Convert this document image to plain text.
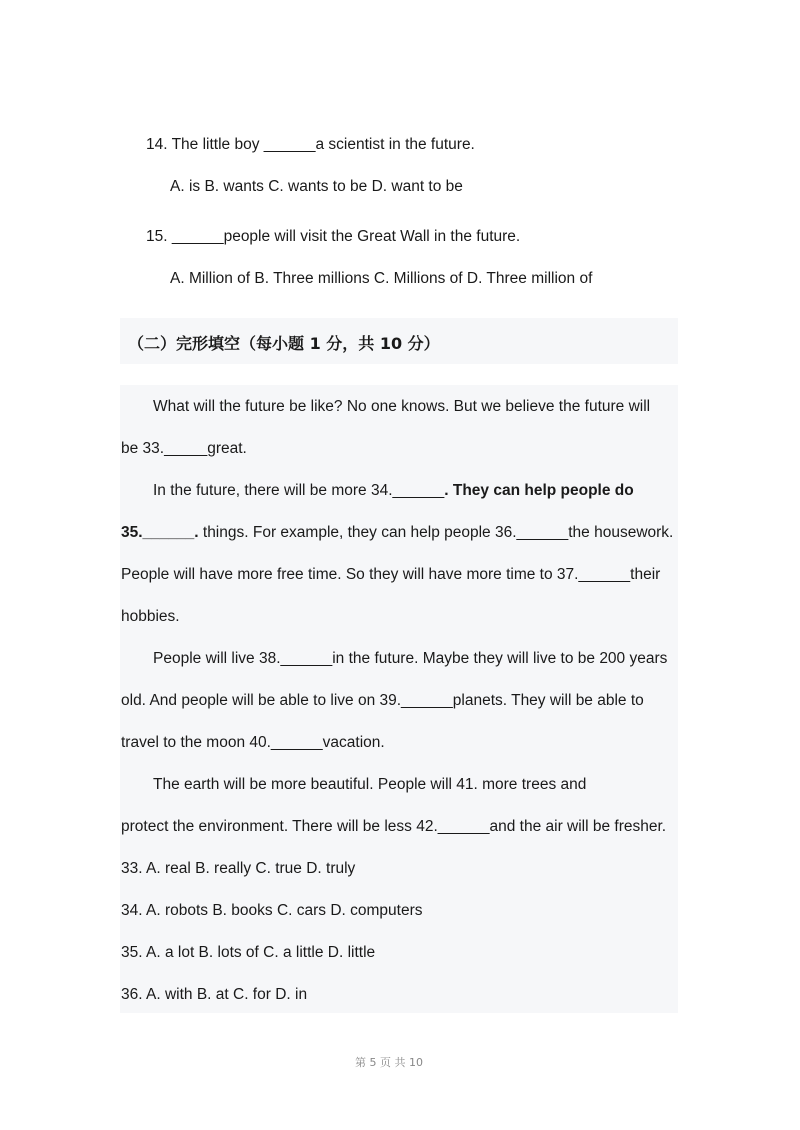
14. The little boy ______a scientist in the future.
A. is B. wants C. wants to be D. want to be
15. ______people will visit the Great Wall in the future.
A. Million of B. Three millions C. Millions of D. Three million of
（二）完形填空（每小题 1 分，共 10 分）
What will the future be like? No one knows. But we believe the future will
be 33._____great.
In the future, there will be more 34.______. They can help people do
35.______. things. For example, they can help people 36.______the housework.
People will have more free time. So they will have more time to 37.______their
hobbies.
People will live 38.______in the future. Maybe they will live to be 200 years
old. And people will be able to live on 39.______planets. They will be able to
travel to the moon 40.______vacation.
The earth will be more beautiful. People will 41. more trees and
protect the environment. There will be less 42.______and the air will be fresher.
33. A. real B. really C. true D. truly
34. A. robots B. books C. cars D. computers
35. A. a lot B. lots of C. a little D. little
36. A. with B. at C. for D. in
第 5 页 共 10
